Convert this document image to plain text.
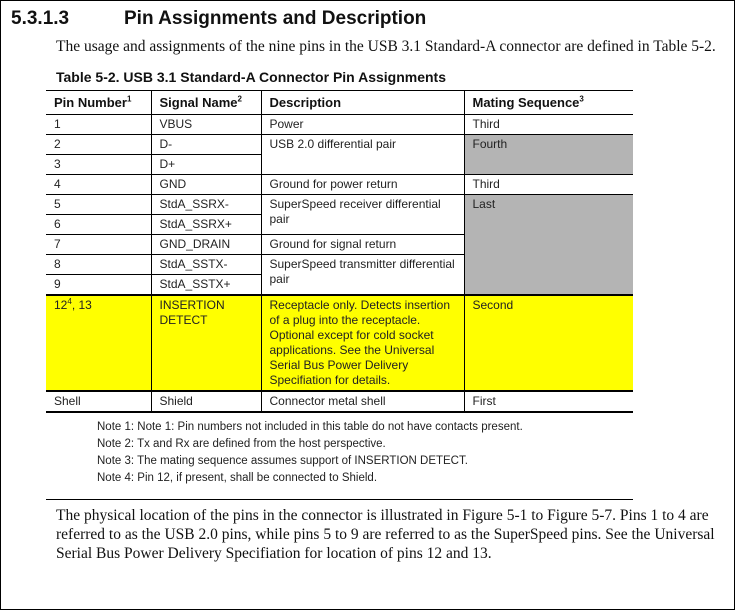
5.3.1.3	Pin Assignments and Description
The usage and assignments of the nine pins in the USB 3.1 Standard-A connector are defined in Table 5-2.
Table 5-2. USB 3.1 Standard-A Connector Pin Assignments
Pin Number$^1$	Signal Name$^2$	Description	Mating Sequence$^3$
1	VBUS	Power	Third
2	D-	USB 2.0 differential pair	Fourth
3	D+		
4	GND	Ground for power return	Third
5	StdA_SSRX-	SuperSpeed receiver differential pair	Last
6	StdA_SSRX+		
7	GND_DRAIN	Ground for signal return	
8	StdA_SSTX-	SuperSpeed transmitter differential pair	
9	StdA_SSTX+		
$12^4$, 13	INSERTION DETECT	Receptacle only. Detects insertion of a plug into the receptacle. Optional except for cold socket applications. See the Universal Serial Bus Power Delivery Specifiation for details.	Second
Shell	Shield	Connector metal shell	First
Note 1: Note 1: Pin numbers not included in this table do not have contacts present.
Note 2: Tx and Rx are defined from the host perspective.
Note 3: The mating sequence assumes support of INSERTION DETECT.
Note 4: Pin 12, if present, shall be connected to Shield.
The physical location of the pins in the connector is illustrated in Figure 5-1 to Figure 5-7. Pins 1 to 4 are referred to as the USB 2.0 pins, while pins 5 to 9 are referred to as the SuperSpeed pins. See the Universal Serial Bus Power Delivery Specifiation for location of pins 12 and 13.
